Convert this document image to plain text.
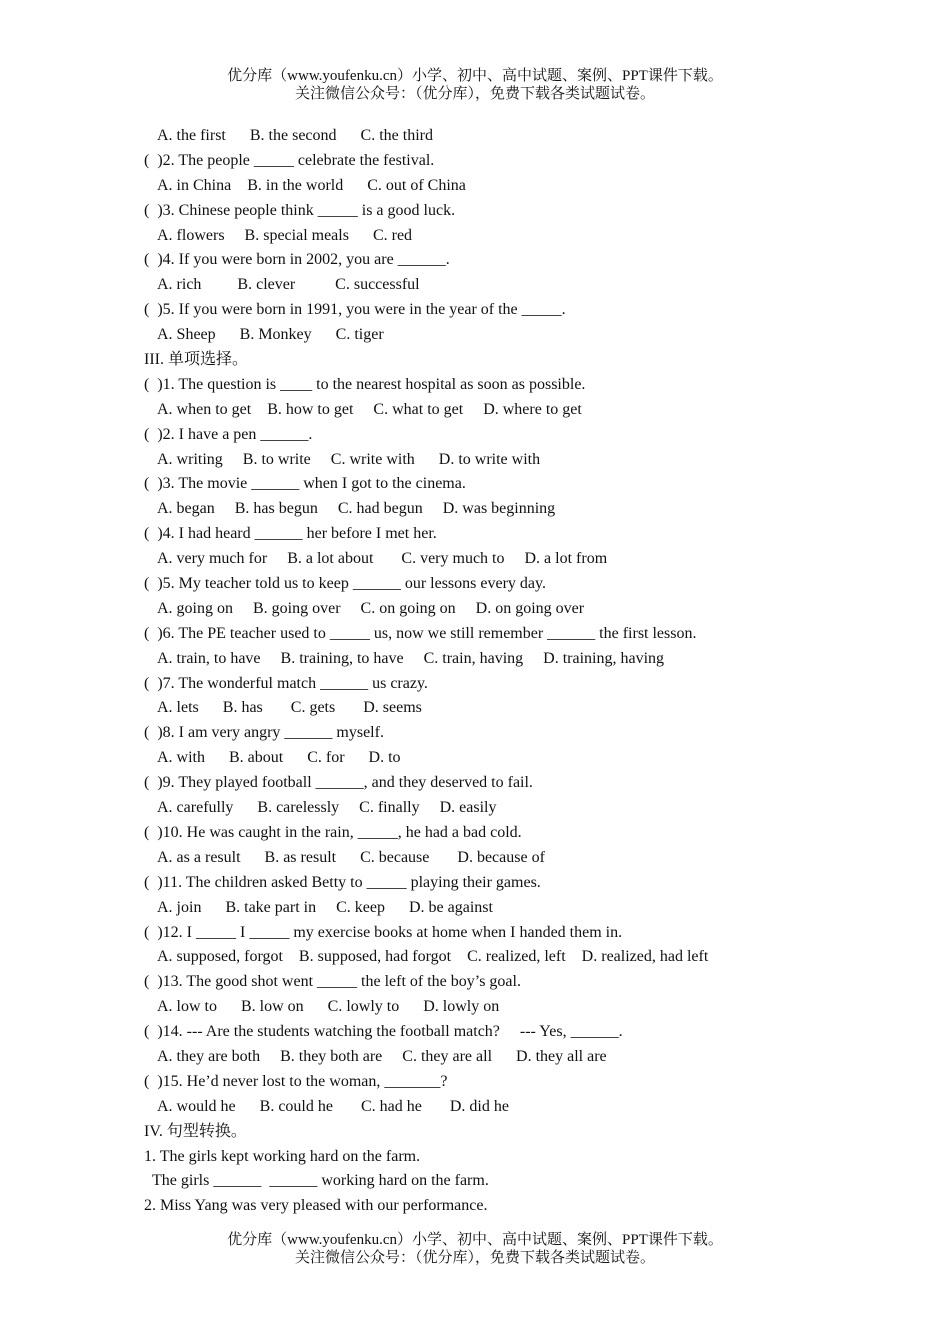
优分库（www.youfenku.cn）小学、初中、高中试题、案例、PPT课件下载。
关注微信公众号：（优分库），免费下载各类试题试卷。
A. the first      B. the second      C. the third
(  )2. The people _____ celebrate the festival.
A. in China    B. in the world      C. out of China
(  )3. Chinese people think _____ is a good luck.
A. flowers     B. special meals      C. red
(  )4. If you were born in 2002, you are ______.
A. rich         B. clever          C. successful
(  )5. If you were born in 1991, you were in the year of the _____.
A. Sheep      B. Monkey      C. tiger
III. 单项选择。
(  )1. The question is ____ to the nearest hospital as soon as possible.
A. when to get    B. how to get     C. what to get     D. where to get
(  )2. I have a pen ______.
A. writing     B. to write     C. write with      D. to write with
(  )3. The movie ______ when I got to the cinema.
A. began     B. has begun     C. had begun     D. was beginning
(  )4. I had heard ______ her before I met her.
A. very much for     B. a lot about       C. very much to     D. a lot from
(  )5. My teacher told us to keep ______ our lessons every day.
A. going on     B. going over     C. on going on     D. on going over
(  )6. The PE teacher used to _____ us, now we still remember ______ the first lesson.
A. train, to have     B. training, to have     C. train, having     D. training, having
(  )7. The wonderful match ______ us crazy.
A. lets      B. has       C. gets       D. seems
(  )8. I am very angry ______ myself.
A. with      B. about      C. for      D. to
(  )9. They played football ______, and they deserved to fail.
A. carefully      B. carelessly     C. finally     D. easily
(  )10. He was caught in the rain, _____, he had a bad cold.
A. as a result      B. as result      C. because       D. because of
(  )11. The children asked Betty to _____ playing their games.
A. join      B. take part in     C. keep      D. be against
(  )12. I _____ I _____ my exercise books at home when I handed them in.
A. supposed, forgot    B. supposed, had forgot    C. realized, left    D. realized, had left
(  )13. The good shot went _____ the left of the boy’s goal.
A. low to      B. low on      C. lowly to      D. lowly on
(  )14. --- Are the students watching the football match?     --- Yes, ______.
A. they are both     B. they both are     C. they are all      D. they all are
(  )15. He’d never lost to the woman, _______?
A. would he      B. could he       C. had he       D. did he
IV. 句型转换。
1. The girls kept working hard on the farm.
The girls ______  ______ working hard on the farm.
2. Miss Yang was very pleased with our performance.
优分库（www.youfenku.cn）小学、初中、高中试题、案例、PPT课件下载。
关注微信公众号：（优分库），免费下载各类试题试卷。
